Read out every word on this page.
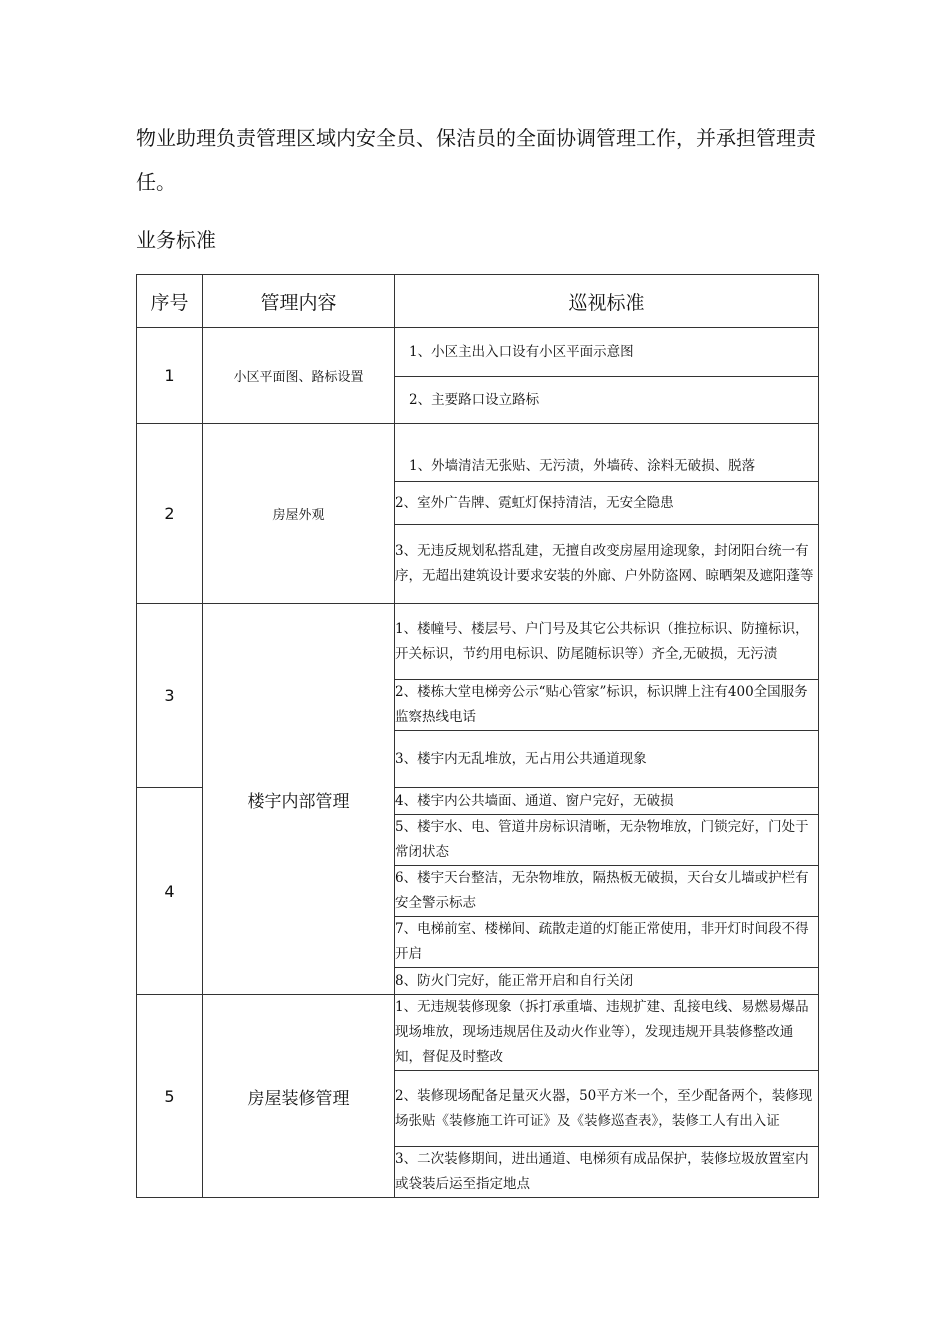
物业助理负责管理区域内安全员、保洁员的全面协调管理工作，并承担管理责任。

业务标准

序号	管理内容	巡视标准
1	小区平面图、路标设置	1、小区主出入口设有小区平面示意图
		2、主要路口设立路标
2	房屋外观	1、外墙清洁无张贴、无污渍，外墙砖、涂料无破损、脱落
		2、室外广告牌、霓虹灯保持清洁，无安全隐患
		3、无违反规划私搭乱建，无擅自改变房屋用途现象，封闭阳台统一有序，无超出建筑设计要求安装的外廊、户外防盗网、晾晒架及遮阳蓬等
3	楼宇内部管理	1、楼幢号、楼层号、户门号及其它公共标识（推拉标识、防撞标识，开关标识，节约用电标识、防尾随标识等）齐全,无破损，无污渍
		2、楼栋大堂电梯旁公示“贴心管家”标识，标识牌上注有400全国服务监察热线电话
		3、楼宇内无乱堆放，无占用公共通道现象
4		4、楼宇内公共墙面、通道、窗户完好，无破损
		5、楼宇水、电、管道井房标识清晰，无杂物堆放，门锁完好，门处于常闭状态
		6、楼宇天台整洁，无杂物堆放，隔热板无破损，天台女儿墙或护栏有安全警示标志
		7、电梯前室、楼梯间、疏散走道的灯能正常使用，非开灯时间段不得开启
		8、防火门完好，能正常开启和自行关闭
5	房屋装修管理	1、无违规装修现象（拆打承重墙、违规扩建、乱接电线、易燃易爆品现场堆放，现场违规居住及动火作业等），发现违规开具装修整改通知，督促及时整改
		2、装修现场配备足量灭火器，50平方米一个，至少配备两个，装修现场张贴《装修施工许可证》及《装修巡查表》，装修工人有出入证
		3、二次装修期间，进出通道、电梯须有成品保护，装修垃圾放置室内或袋装后运至指定地点
